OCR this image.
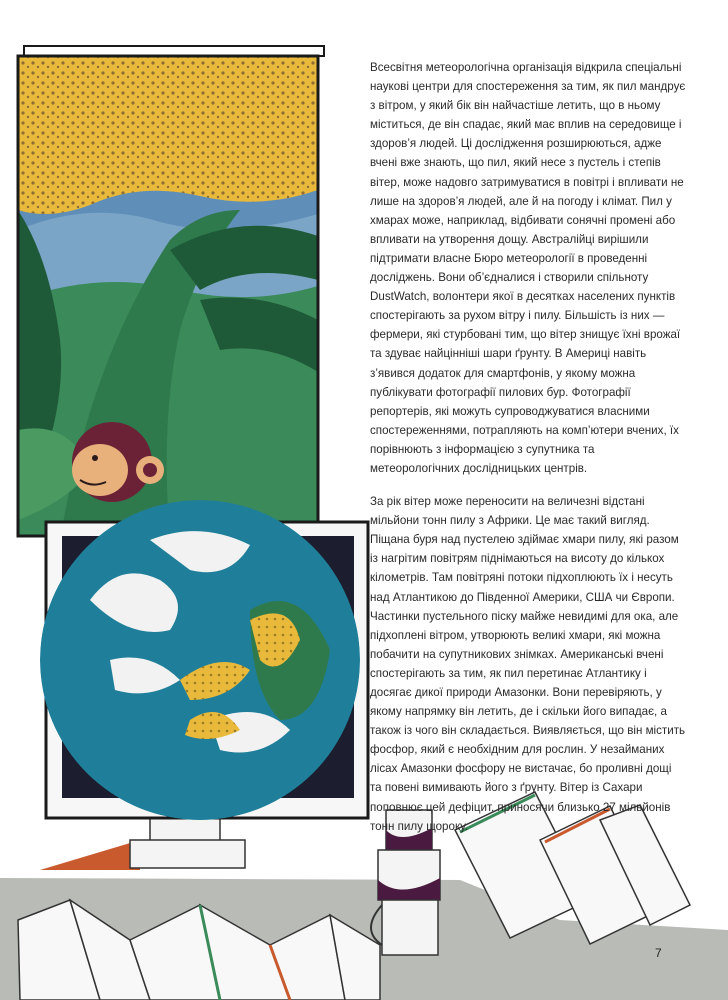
Всесвітня метеорологічна організація відкрила спеціальні наукові центри для спостереження за тим, як пил мандрує з вітром, у який бік він найчастіше летить, що в ньому міститься, де він спадає, який має вплив на середовище і здоров’я людей. Ці дослідження розширюються, адже вчені вже знають, що пил, який несе з пустель і степів вітер, може надовго затримуватися в повітрі і впливати не лише на здоров’я людей, але й на погоду і клімат. Пил у хмарах може, наприклад, відбивати сонячні промені або впливати на утворення дощу. Австралійці вирішили підтримати власне Бюро метеорології в проведенні досліджень. Вони об’єдналися і створили спільноту DustWatch, волонтери якої в десятках населених пунктів спостерігають за рухом вітру і пилу. Більшість із них — фермери, які стурбовані тим, що вітер знищує їхні врожаї та здуває найцінніші шари ґрунту. В Америці навіть з’явився додаток для смартфонів, у якому можна публікувати фотографії пилових бур. Фотографії репортерів, які можуть супроводжуватися власними спостереженнями, потрапляють на комп’ютери вчених, їх порівнюють з інформацією з супутника та метеорологічних дослідницьких центрів.

За рік вітер може переносити на величезні відстані мільйони тонн пилу з Африки. Це має такий вигляд. Піщана буря над пустелею здіймає хмари пилу, які разом із нагрітим повітрям піднімаються на висоту до кількох кілометрів. Там повітряні потоки підхоплюють їх і несуть над Атлантикою до Південної Америки, США чи Європи. Частинки пустельного піску майже невидимі для ока, але підхоплені вітром, утворюють великі хмари, які можна побачити на супутникових знімках. Американські вчені спостерігають за тим, як пил перетинає Атлантику і досягає дикої природи Амазонки. Вони перевіряють, у якому напрямку він летить, де і скільки його випадає, а також із чого він складається. Виявляється, що він містить фосфор, який є необхідним для рослин. У незайманих лісах Амазонки фосфору не вистачає, бо проливні дощі та повені вимивають його з ґрунту. Вітер із Сахари поповнює цей дефіцит, приносячи близько 27 мільйонів тонн пилу щороку.

7
